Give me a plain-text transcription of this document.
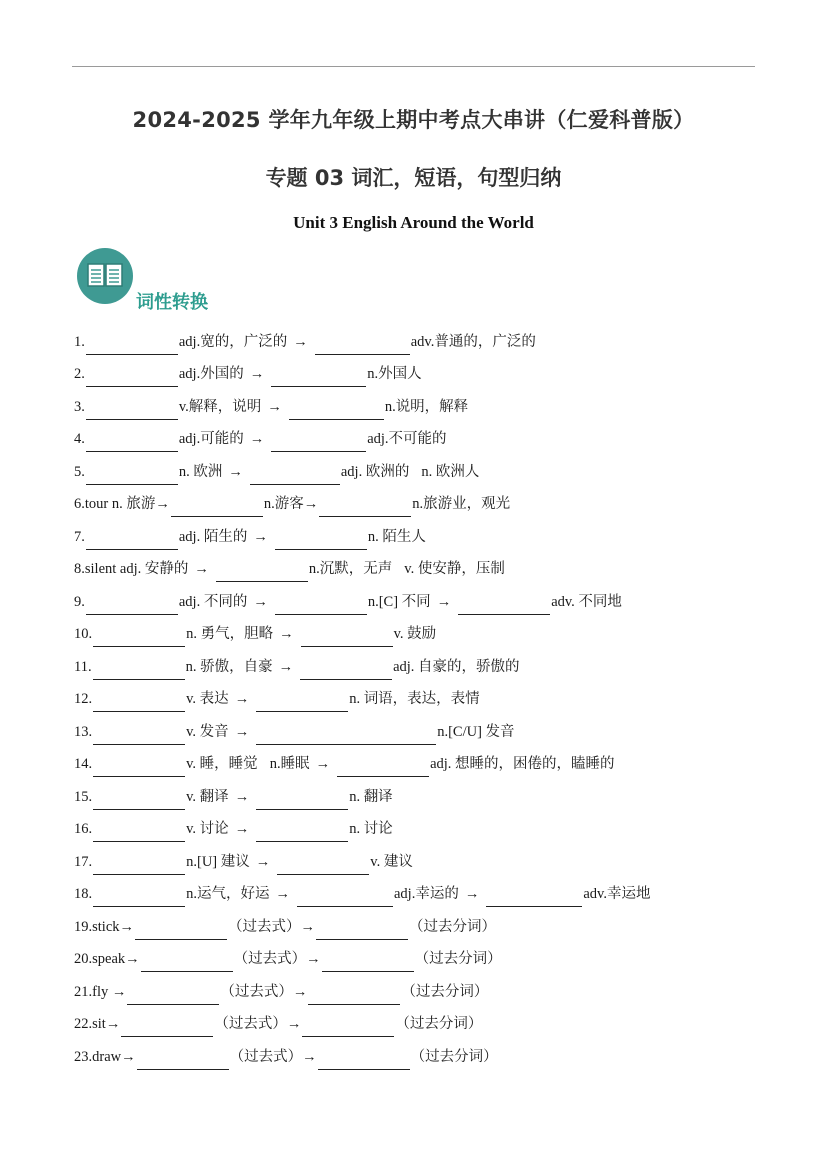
2024-2025 学年九年级上期中考点大串讲（仁爱科普版）
专题 03 词汇，短语，句型归纳
Unit 3 English Around the World
词性转换
1.	adj.宽的，广泛的 →	adv.普通的，广泛的
2.	adj.外国的 →	n.外国人
3.	v.解释，说明 →	n.说明，解释
4.	adj.可能的 →	adj.不可能的
5.	n. 欧洲 →	adj. 欧洲的 n. 欧洲人
6.tour n. 旅游→	n.游客→	n.旅游业，观光
7.	adj. 陌生的 →	n. 陌生人
8.silent adj. 安静的 →	n.沉默，无声 v. 使安静，压制
9.	adj. 不同的 →	n.[C] 不同 →	adv. 不同地
10.	n. 勇气，胆略 →	v. 鼓励
11.	n. 骄傲，自豪 →	adj. 自豪的，骄傲的
12.	v. 表达 →	n. 词语，表达，表情
13.	v. 发音 →	n.[C/U] 发音
14.	v. 睡，睡觉 n.睡眠 →	adj. 想睡的，困倦的，瞌睡的
15.	v. 翻译 →	n. 翻译
16.	v. 讨论 →	n. 讨论
17.	n.[U] 建议 →	v. 建议
18.	n.运气，好运 →	adj.幸运的 →	adv.幸运地
19.stick→	（过去式）→	（过去分词）
20.speak→	（过去式）→	（过去分词）
21.fly →	（过去式）→	（过去分词）
22.sit→	（过去式）→	（过去分词）
23.draw→	（过去式）→	（过去分词）
